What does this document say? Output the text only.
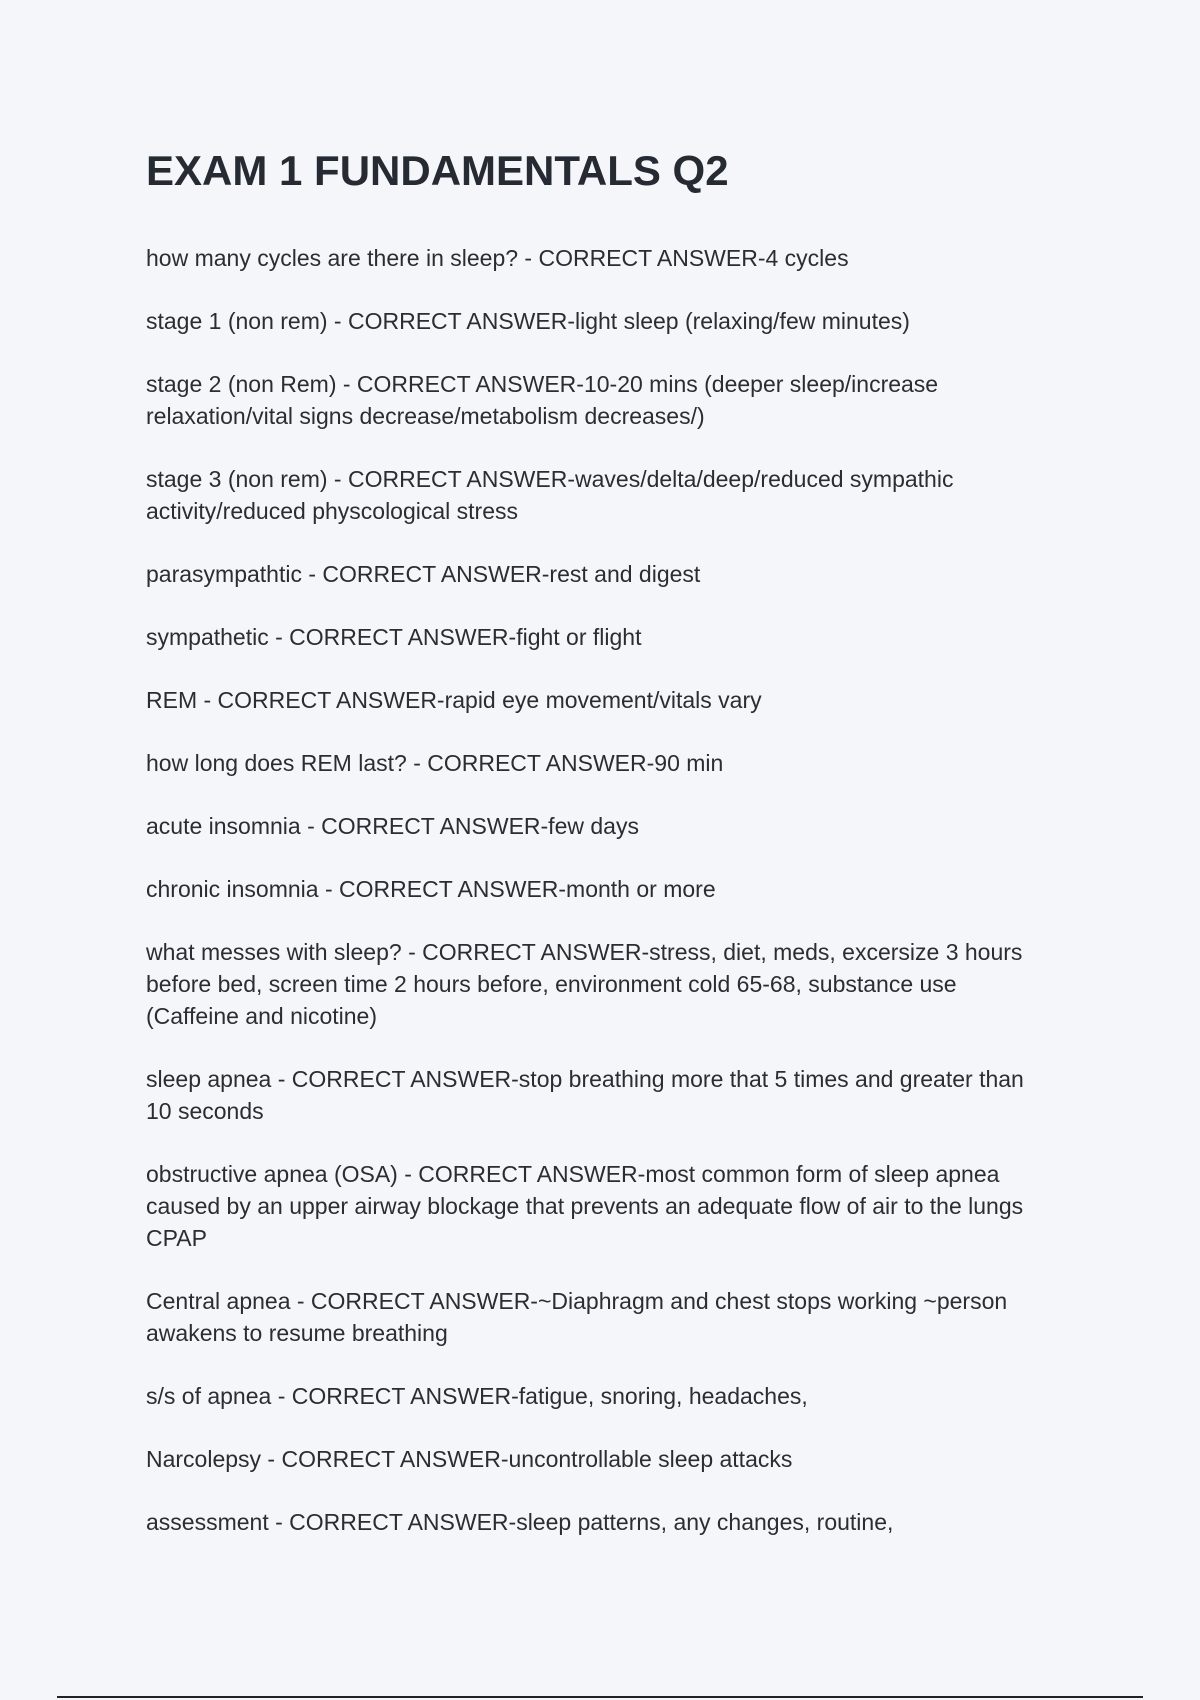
EXAM 1 FUNDAMENTALS Q2

how many cycles are there in sleep? - CORRECT ANSWER-4 cycles

stage 1 (non rem) - CORRECT ANSWER-light sleep (relaxing/few minutes)

stage 2 (non Rem) - CORRECT ANSWER-10-20 mins (deeper sleep/increase relaxation/vital signs decrease/metabolism decreases/)

stage 3 (non rem) - CORRECT ANSWER-waves/delta/deep/reduced sympathic activity/reduced physcological stress

parasympathtic - CORRECT ANSWER-rest and digest

sympathetic - CORRECT ANSWER-fight or flight

REM - CORRECT ANSWER-rapid eye movement/vitals vary

how long does REM last? - CORRECT ANSWER-90 min

acute insomnia - CORRECT ANSWER-few days

chronic insomnia - CORRECT ANSWER-month or more

what messes with sleep? - CORRECT ANSWER-stress, diet, meds, excersize 3 hours before bed, screen time 2 hours before, environment cold 65-68, substance use (Caffeine and nicotine)

sleep apnea - CORRECT ANSWER-stop breathing more that 5 times and greater than 10 seconds

obstructive apnea (OSA) - CORRECT ANSWER-most common form of sleep apnea caused by an upper airway blockage that prevents an adequate flow of air to the lungs CPAP

Central apnea - CORRECT ANSWER-~Diaphragm and chest stops working ~person awakens to resume breathing

s/s of apnea - CORRECT ANSWER-fatigue, snoring, headaches,

Narcolepsy - CORRECT ANSWER-uncontrollable sleep attacks

assessment - CORRECT ANSWER-sleep patterns, any changes, routine,
